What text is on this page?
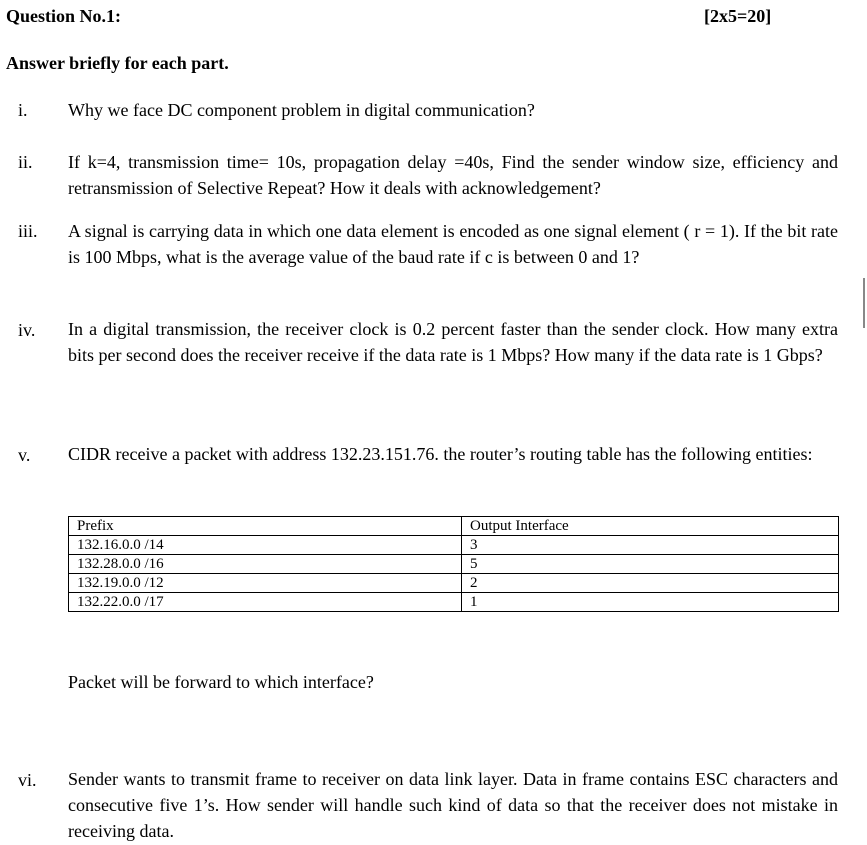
Question No.1:	[2x5=20]
Answer briefly for each part.
i.	Why we face DC component problem in digital communication?
ii.	If k=4, transmission time= 10s, propagation delay =40s, Find the sender window size, efficiency and retransmission of Selective Repeat? How it deals with acknowledgement?
iii.	A signal is carrying data in which one data element is encoded as one signal element ( r = 1). If the bit rate is 100 Mbps, what is the average value of the baud rate if c is between 0 and 1?
iv.	In a digital transmission, the receiver clock is 0.2 percent faster than the sender clock. How many extra bits per second does the receiver receive if the data rate is 1 Mbps? How many if the data rate is 1 Gbps?
v.	CIDR receive a packet with address 132.23.151.76. the router’s routing table has the following entities:
Prefix	Output Interface
132.16.0.0 /14	3
132.28.0.0 /16	5
132.19.0.0 /12	2
132.22.0.0 /17	1
Packet will be forward to which interface?
vi.	Sender wants to transmit frame to receiver on data link layer. Data in frame contains ESC characters and consecutive five 1’s. How sender will handle such kind of data so that the receiver does not mistake in receiving data.
